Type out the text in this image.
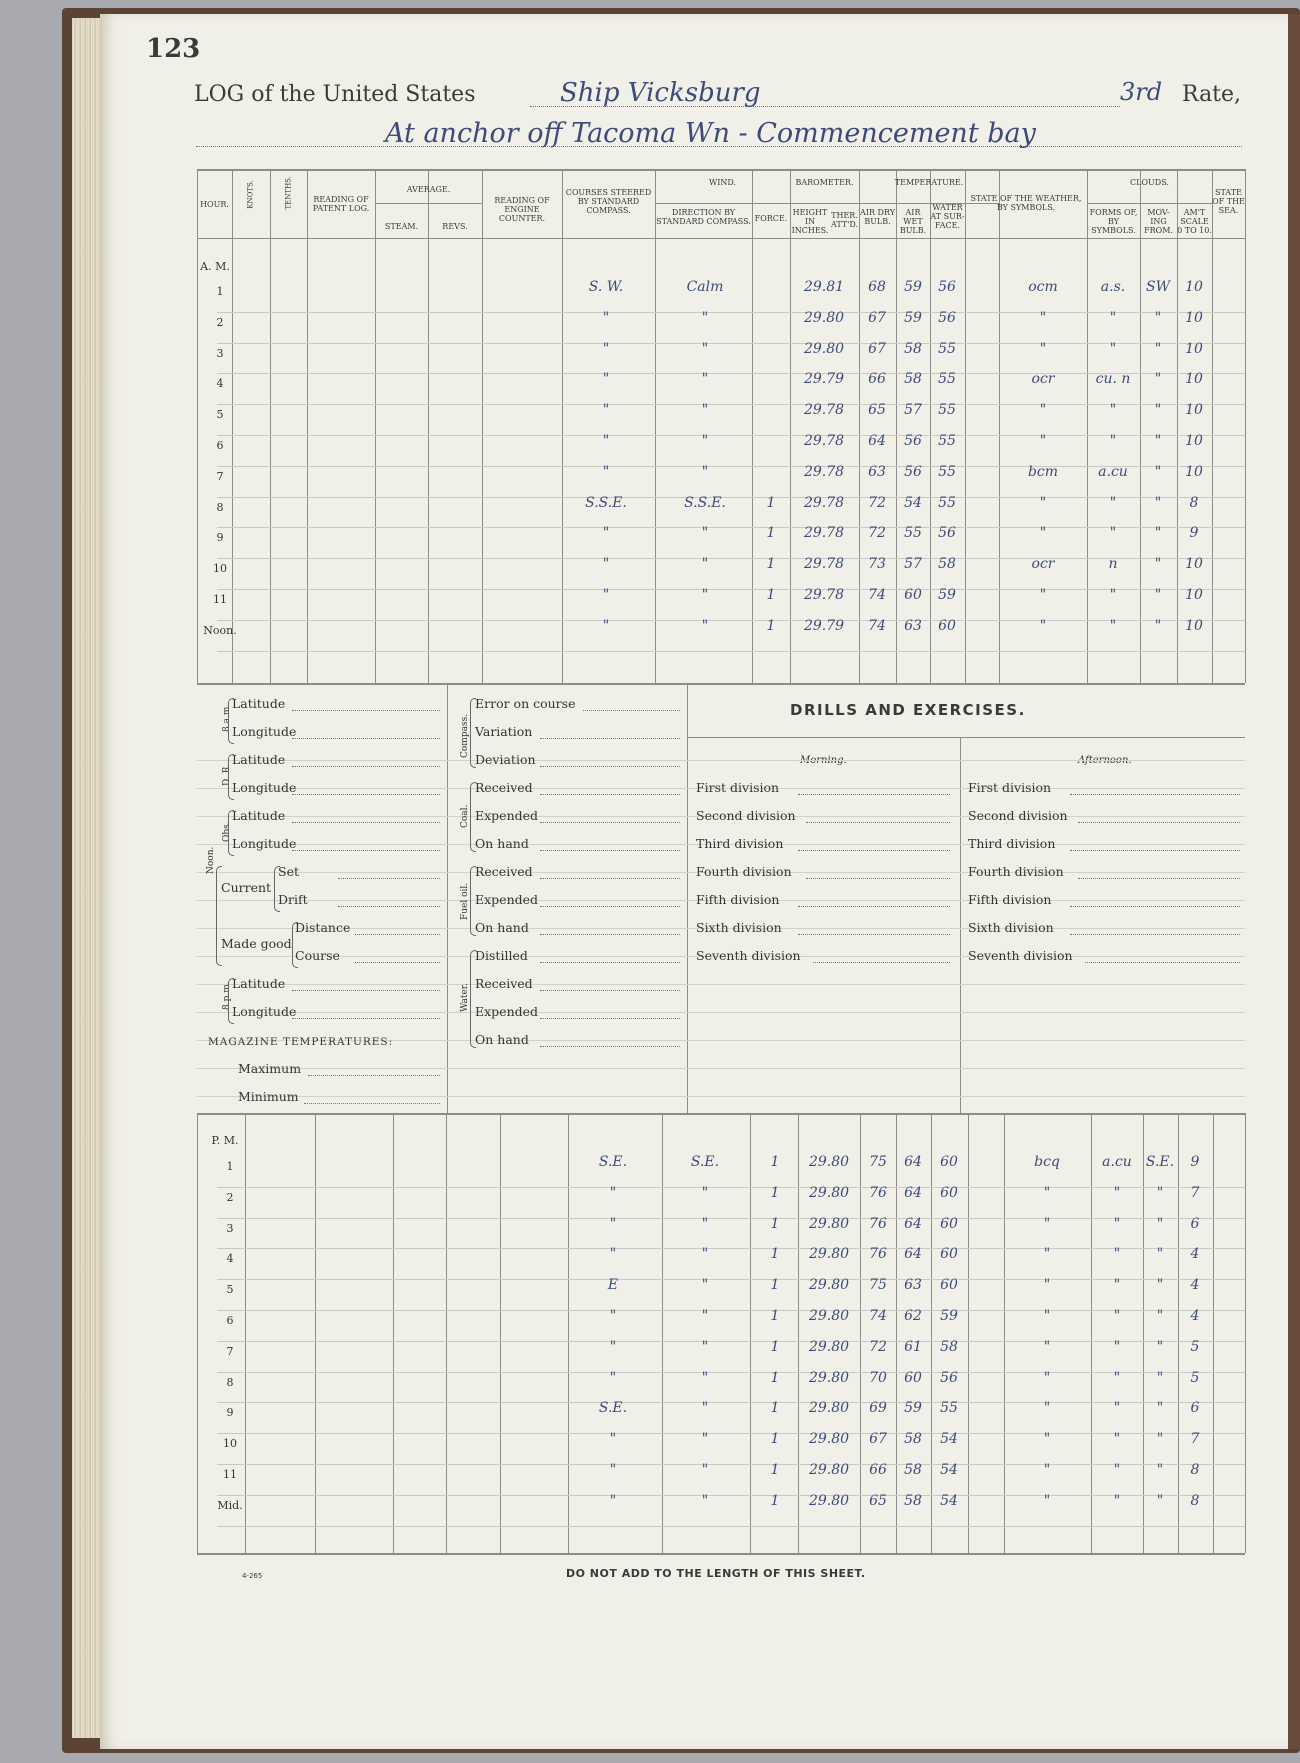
123
LOG of the United States	Ship Vicksburg	3rd Rate,
At anchor off Tacoma Wn - Commencement bay
4-265	DO NOT ADD TO THE LENGTH OF THIS SHEET.
HOUR.	KNOTS.	TENTHS.	READING OF PATENT LOG.
AVERAGE.
STEAM.	REVS.
READING OF ENGINE COUNTER.
COURSES STEERED BY STANDARD COMPASS.
WIND.
DIRECTION BY STANDARD COMPASS. FORCE.
BAROMETER.
HEIGHT IN INCHES.
THER. ATT'D.
TEMPERATURE.
AIR DRY BULB.
AIR WET BULB.
WATER AT SUR-FACE.
STATE OF THE WEATHER, BY SYMBOLS.
CLOUDS.
FORMS OF, BY SYMBOLS.
MOV-ING FROM.
AM'T SCALE 0 TO 10.
STATE OF THE SEA.
A. M.
1	S. W.	Calm	29.81	68	59	56	ocm	a.s.	SW	10
2	"	"	29.80	67	59	56	"	"	"	10
3	"	"	29.80	67	58	55	"	"	"	10
4	"	"	29.79	66	58	55	ocr	cu. n	"	10
5	"	"	29.78	65	57	55	"	"	"	10
6	"	"	29.78	64	56	55	"	"	"	10
7	"	"	29.78	63	56	55	bcm	a.cu	"	10
8	S.S.E.	S.S.E.	1	29.78	72	54	55	"	"	"	8
9	"	"	1	29.78	72	55	56	"	"	"	9
10	"	"	1	29.78	73	57	58	ocr	n	"	10
11	"	"	1	29.78	74	60	59	"	"	"	10
Noon.	"	"	1	29.79	74	63	60	"	"	"	10
DRILLS AND EXERCISES.
Latitude
Longitude
Latitude
Longitude
Latitude
Longitude
Set
Drift
Distance
Course
Latitude
Longitude
Current
Made good
MAGAZINE TEMPERATURES:
Maximum
Minimum
8 a.m.
D. R.
Obs.
Noon.
8 p.m.
Error on course
Variation
Deviation
Received
Expended
On hand
Received
Expended
On hand
Distilled
Received
Expended
On hand
Compass.
Coal.
Fuel oil.
Water.
First division	First division
Second division	Second division
Third division	Third division
Fourth division	Fourth division
Fifth division	Fifth division
Sixth division	Sixth division
Seventh division	Seventh division
P. M.
1	S.E.	S.E.	1	29.80	75	64	60	bcq	a.cu	S.E.	9
2	"	"	1	29.80	76	64	60	"	"	"	7
3	"	"	1	29.80	76	64	60	"	"	"	6
4	"	"	1	29.80	76	64	60	"	"	"	4
5	E	"	1	29.80	75	63	60	"	"	"	4
6	"	"	1	29.80	74	62	59	"	"	"	4
7	"	"	1	29.80	72	61	58	"	"	"	5
8	"	"	1	29.80	70	60	56	"	"	"	5
9	S.E.	"	1	29.80	69	59	55	"	"	"	6
10	"	"	1	29.80	67	58	54	"	"	"	7
11	"	"	1	29.80	66	58	54	"	"	"	8
Mid.	"	"	1	29.80	65	58	54	"	"	"	8
